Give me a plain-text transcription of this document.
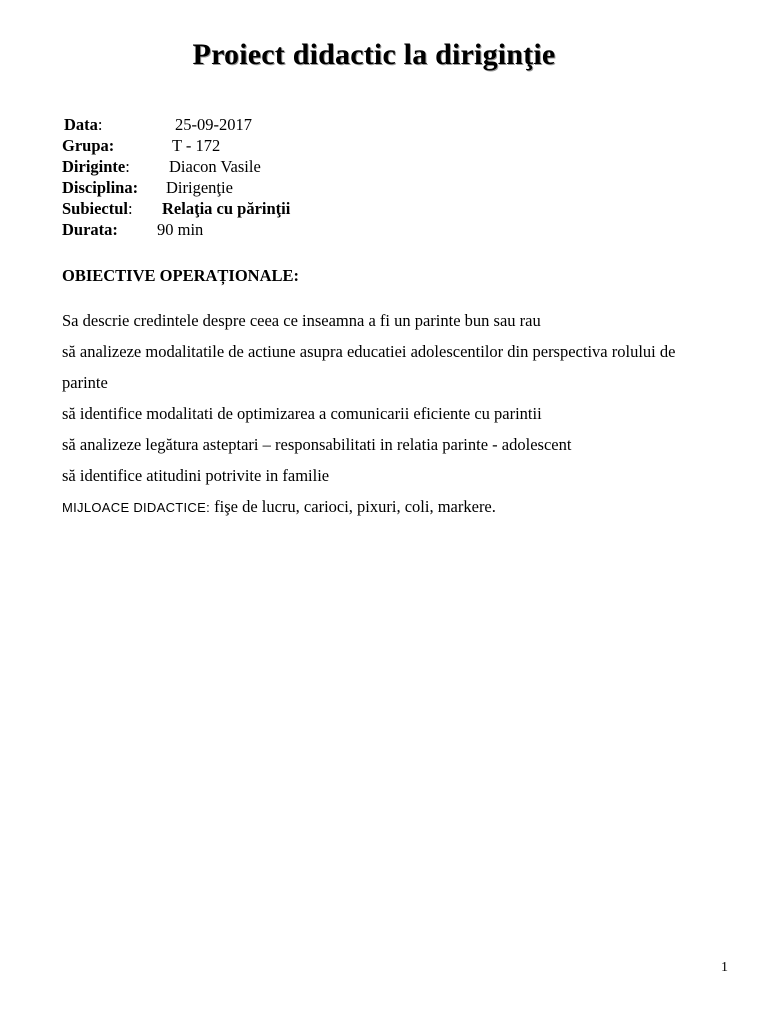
Proiect didactic la diriginţie
Data:	25-09-2017
Grupa:	T - 172
Diriginte: Diacon Vasile
Disciplina: Dirigenţie
Subiectul: Relaţia cu părinţii
Durata: 90 min
OBIECTIVE OPERAȚIONALE:
Sa descrie credintele despre ceea ce inseamna a fi un parinte bun sau rau
să analizeze modalitatile de actiune asupra educatiei adolescentilor din perspectiva rolului de
parinte
să identifice modalitati de optimizarea a comunicarii eficiente cu parintii
să analizeze legătura asteptari – responsabilitati in relatia parinte - adolescent
să identifice atitudini potrivite in familie
MIJLOACE DIDACTICE: fişe de lucru, carioci, pixuri, coli, markere.
1
